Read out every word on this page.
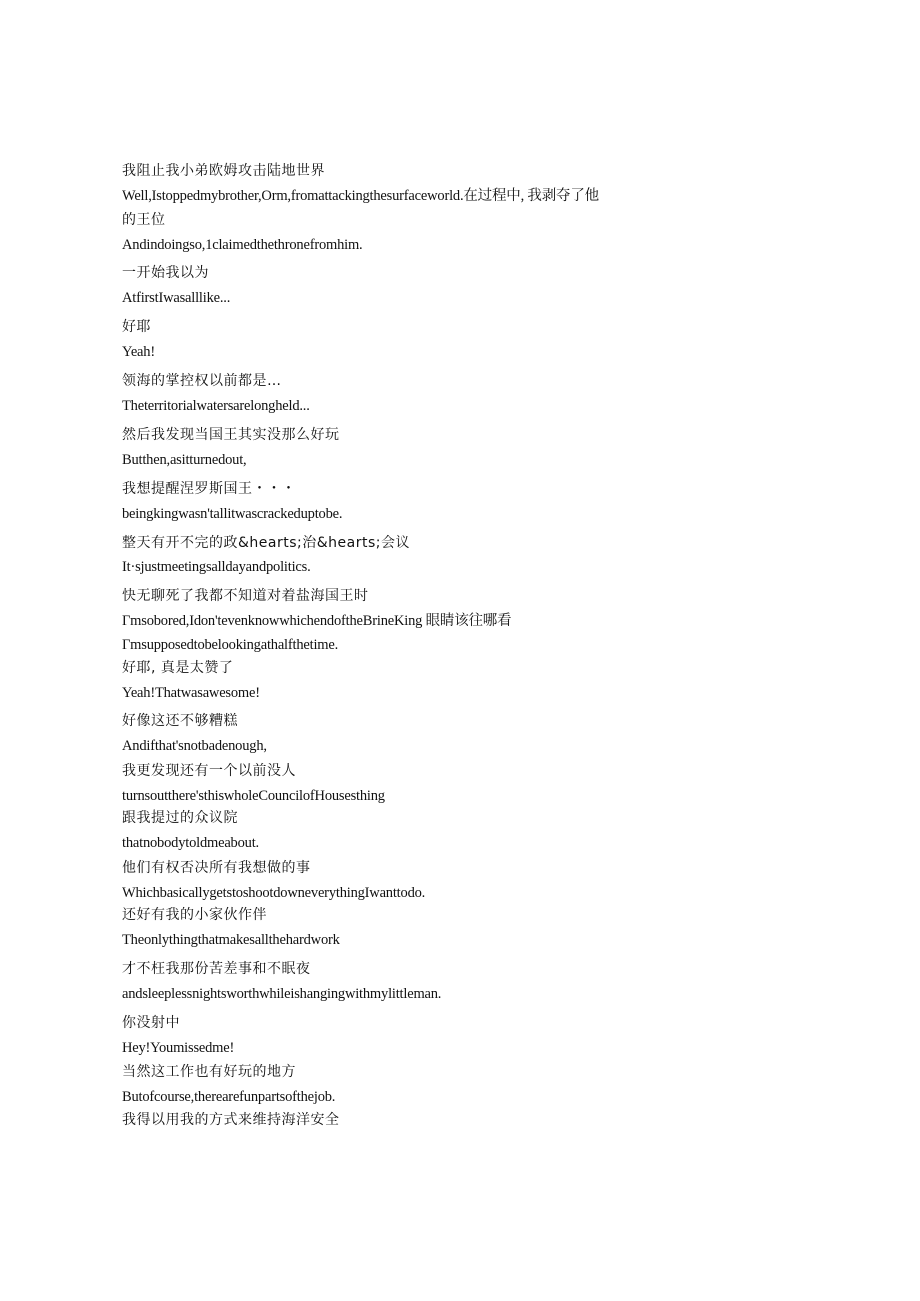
我阻止我小弟欧姆攻击陆地世界
Well,Istoppedmybrother,Orm,fromattackingthesurfaceworld.在过程中, 我剥夺了他
的王位
Andindoingso,1claimedthethronefromhim.
一开始我以为
AtfirstIwasalllike...
好耶
Yeah!
领海的掌控权以前都是…
Theterritorialwatersarelongheld...
然后我发现当国王其实没那么好玩
Butthen,asitturnedout,
我想提醒涅罗斯国王・・・
beingkingwasn'tallitwascrackeduptobe.
整天有开不完的政&hearts;治&hearts;会议
It·sjustmeetingsalldayandpolitics.
快无聊死了我都不知道对着盐海国王时
Γmsobored,Idon'tevenknowwhichendoftheBrineKing 眼睛该往哪看
Γmsupposedtobelookingathalfthetime.
好耶, 真是太赞了
Yeah!Thatwasawesome!
好像这还不够糟糕
Andifthat'snotbadenough,
我更发现还有一个以前没人
turnsoutthere'sthiswholeCouncilofHousesthing
跟我提过的众议院
thatnobodytoldmeabout.
他们有权否决所有我想做的事
WhichbasicallygetstoshootdowneverythingIwanttodo.
还好有我的小家伙作伴
Theonlythingthatmakesallthehardwork
才不枉我那份苦差事和不眠夜
andsleeplessnightsworthwhileishangingwithmylittleman.
你没射中
Hey!Youmissedme!
当然这工作也有好玩的地方
Butofcourse,therearefunpartsofthejob.
我得以用我的方式来维持海洋安全
